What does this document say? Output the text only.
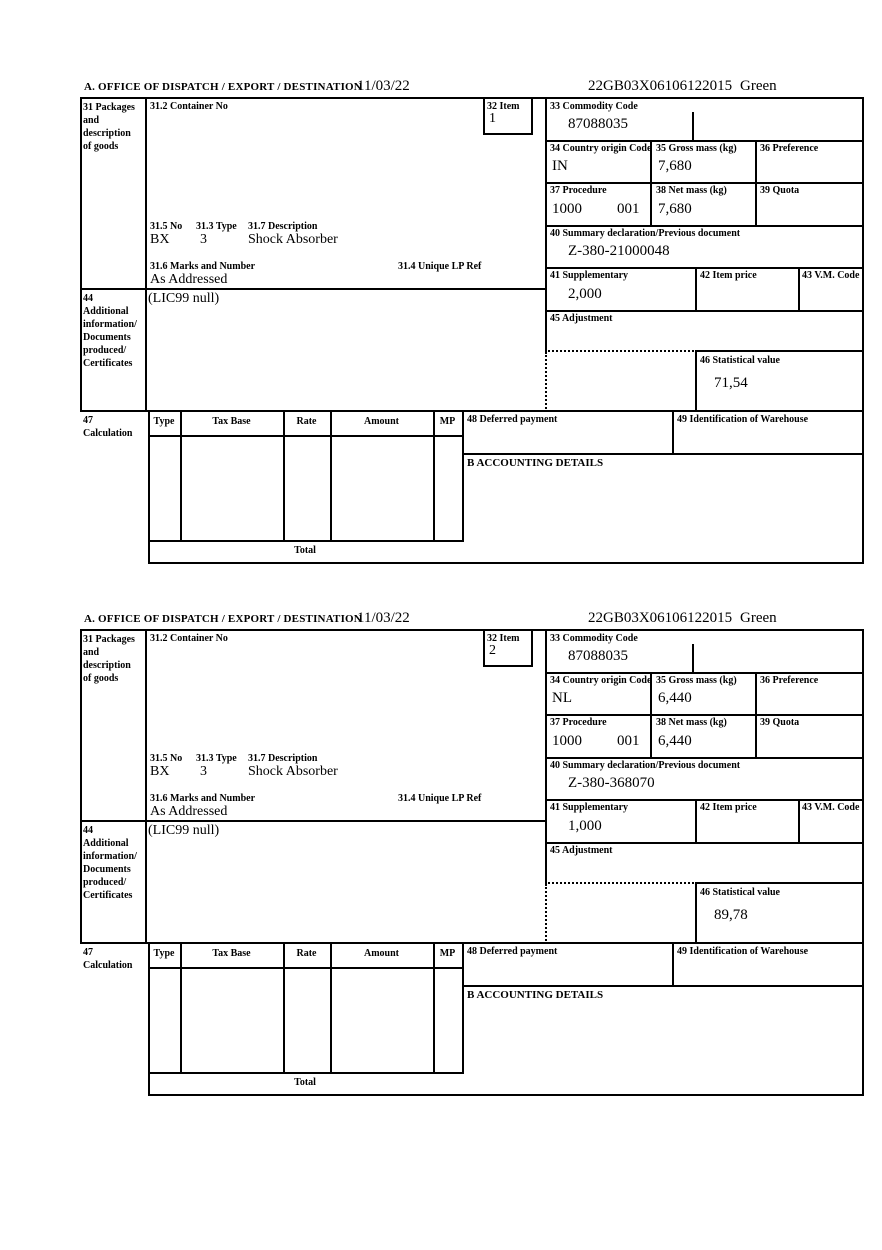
A. OFFICE OF DISPATCH / EXPORT / DESTINATION
11/03/22	22GB03X06106122015 Green
31 Packages
and
description
of goods
31.2 Container No	32 Item
1
33 Commodity Code
87088035
34 Country origin Code
IN
35 Gross mass (kg)
7,680
36 Preference
37 Procedure
1000 001
38 Net mass (kg)
7,680
39 Quota
40 Summary declaration/Previous document
Z-380-21000048
41 Supplementary
2,000
42 Item price	43 V.M. Code
45 Adjustment
46 Statistical value
71,54
31.5 No 31.3 Type 31.7 Description
BX 3	Shock Absorber
31.6 Marks and Number	31.4 Unique LP Ref
As Addressed
44
Additional
information/
Documents
produced/
Certificates
(LIC99 null)
47
Calculation
Type	Tax Base	Rate	Amount	MP
Total
48 Deferred payment	49 Identification of Warehouse
B ACCOUNTING DETAILS
A. OFFICE OF DISPATCH / EXPORT / DESTINATION
11/03/22	22GB03X06106122015 Green
31 Packages
and
description
of goods
31.2 Container No	32 Item
2
33 Commodity Code
87088035
34 Country origin Code
NL
35 Gross mass (kg)
6,440
36 Preference
37 Procedure
1000 001
38 Net mass (kg)
6,440
39 Quota
40 Summary declaration/Previous document
Z-380-368070
41 Supplementary
1,000
42 Item price	43 V.M. Code
45 Adjustment
46 Statistical value
89,78
31.5 No 31.3 Type 31.7 Description
BX 3	Shock Absorber
31.6 Marks and Number	31.4 Unique LP Ref
As Addressed
44
Additional
information/
Documents
produced/
Certificates
(LIC99 null)
47
Calculation
Type	Tax Base	Rate	Amount	MP
Total
48 Deferred payment	49 Identification of Warehouse
B ACCOUNTING DETAILS
